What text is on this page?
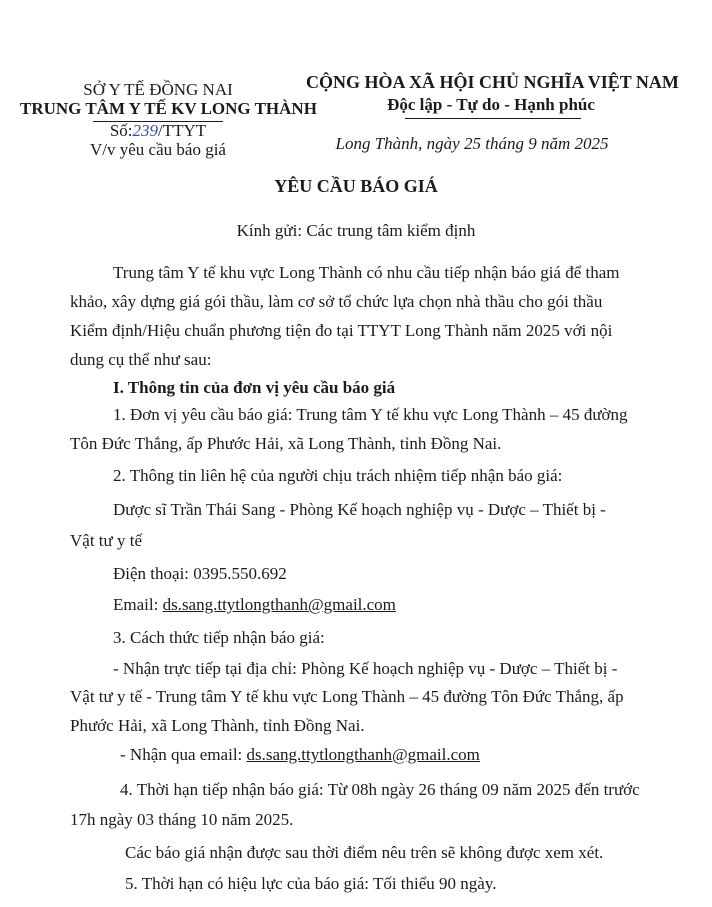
SỞ Y TẾ ĐỒNG NAI
TRUNG TÂM Y TẾ KV LONG THÀNH
Số:239/TTYT
V/v yêu cầu báo giá
CỘNG HÒA XÃ HỘI CHỦ NGHĨA VIỆT NAM
Độc lập - Tự do - Hạnh phúc
Long Thành, ngày 25 tháng 9 năm 2025
YÊU CẦU BÁO GIÁ
Kính gửi: Các trung tâm kiểm định
Trung tâm Y tế khu vực Long Thành có nhu cầu tiếp nhận báo giá để tham
khảo, xây dựng giá gói thầu, làm cơ sở tổ chức lựa chọn nhà thầu cho gói thầu
Kiểm định/Hiệu chuẩn phương tiện đo tại TTYT Long Thành năm 2025 với nội
dung cụ thể như sau:
I. Thông tin của đơn vị yêu cầu báo giá
1. Đơn vị yêu cầu báo giá: Trung tâm Y tế khu vực Long Thành – 45 đường
Tôn Đức Thắng, ấp Phước Hải, xã Long Thành, tỉnh Đồng Nai.
2. Thông tin liên hệ của người chịu trách nhiệm tiếp nhận báo giá:
Dược sĩ Trần Thái Sang - Phòng Kế hoạch nghiệp vụ - Dược – Thiết bị -
Vật tư y tế
Điện thoại: 0395.550.692
Email: ds.sang.ttytlongthanh@gmail.com
3. Cách thức tiếp nhận báo giá:
- Nhận trực tiếp tại địa chỉ: Phòng Kế hoạch nghiệp vụ - Dược – Thiết bị -
Vật tư y tế - Trung tâm Y tế khu vực Long Thành – 45 đường Tôn Đức Thắng, ấp
Phước Hải, xã Long Thành, tỉnh Đồng Nai.
- Nhận qua email: ds.sang.ttytlongthanh@gmail.com
4. Thời hạn tiếp nhận báo giá: Từ 08h ngày 26 tháng 09 năm 2025 đến trước
17h ngày 03 tháng 10 năm 2025.
Các báo giá nhận được sau thời điểm nêu trên sẽ không được xem xét.
5. Thời hạn có hiệu lực của báo giá: Tối thiểu 90 ngày.
